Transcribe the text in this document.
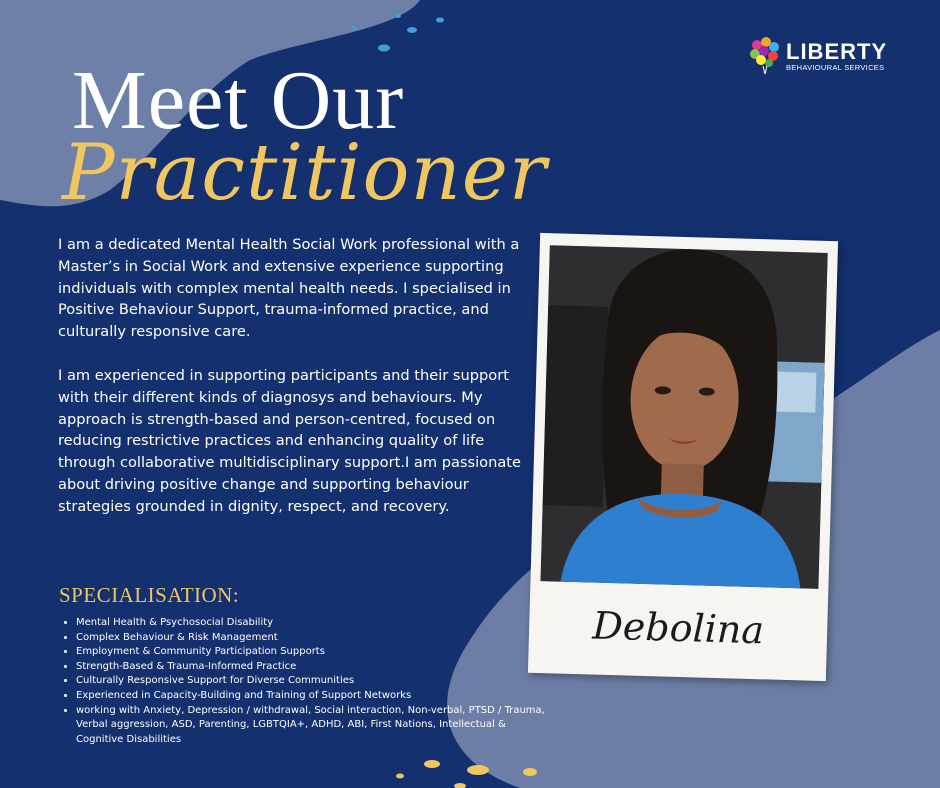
LIBERTY
BEHAVIOURAL SERVICES
Meet Our
Practitioner

I am a dedicated Mental Health Social Work professional with a Master’s in Social Work and extensive experience supporting individuals with complex mental health needs. I specialised in Positive Behaviour Support, trauma-informed practice, and culturally responsive care.

I am experienced in supporting participants and their support with their different kinds of diagnosys and behaviours. My approach is strength-based and person-centred, focused on reducing restrictive practices and enhancing quality of life through collaborative multidisciplinary support.I am passionate about driving positive change and supporting behaviour strategies grounded in dignity, respect, and recovery.

SPECIALISATION:
• Mental Health & Psychosocial Disability
• Complex Behaviour & Risk Management
• Employment & Community Participation Supports
• Strength-Based & Trauma-Informed Practice
• Culturally Responsive Support for Diverse Communities
• Experienced in Capacity-Building and Training of Support Networks
• working with Anxiety, Depression / withdrawal, Social interaction, Non-verbal, PTSD / Trauma, Verbal aggression, ASD, Parenting, LGBTQIA+, ADHD, ABI, First Nations, Intellectual & Cognitive Disabilities
Debolina
